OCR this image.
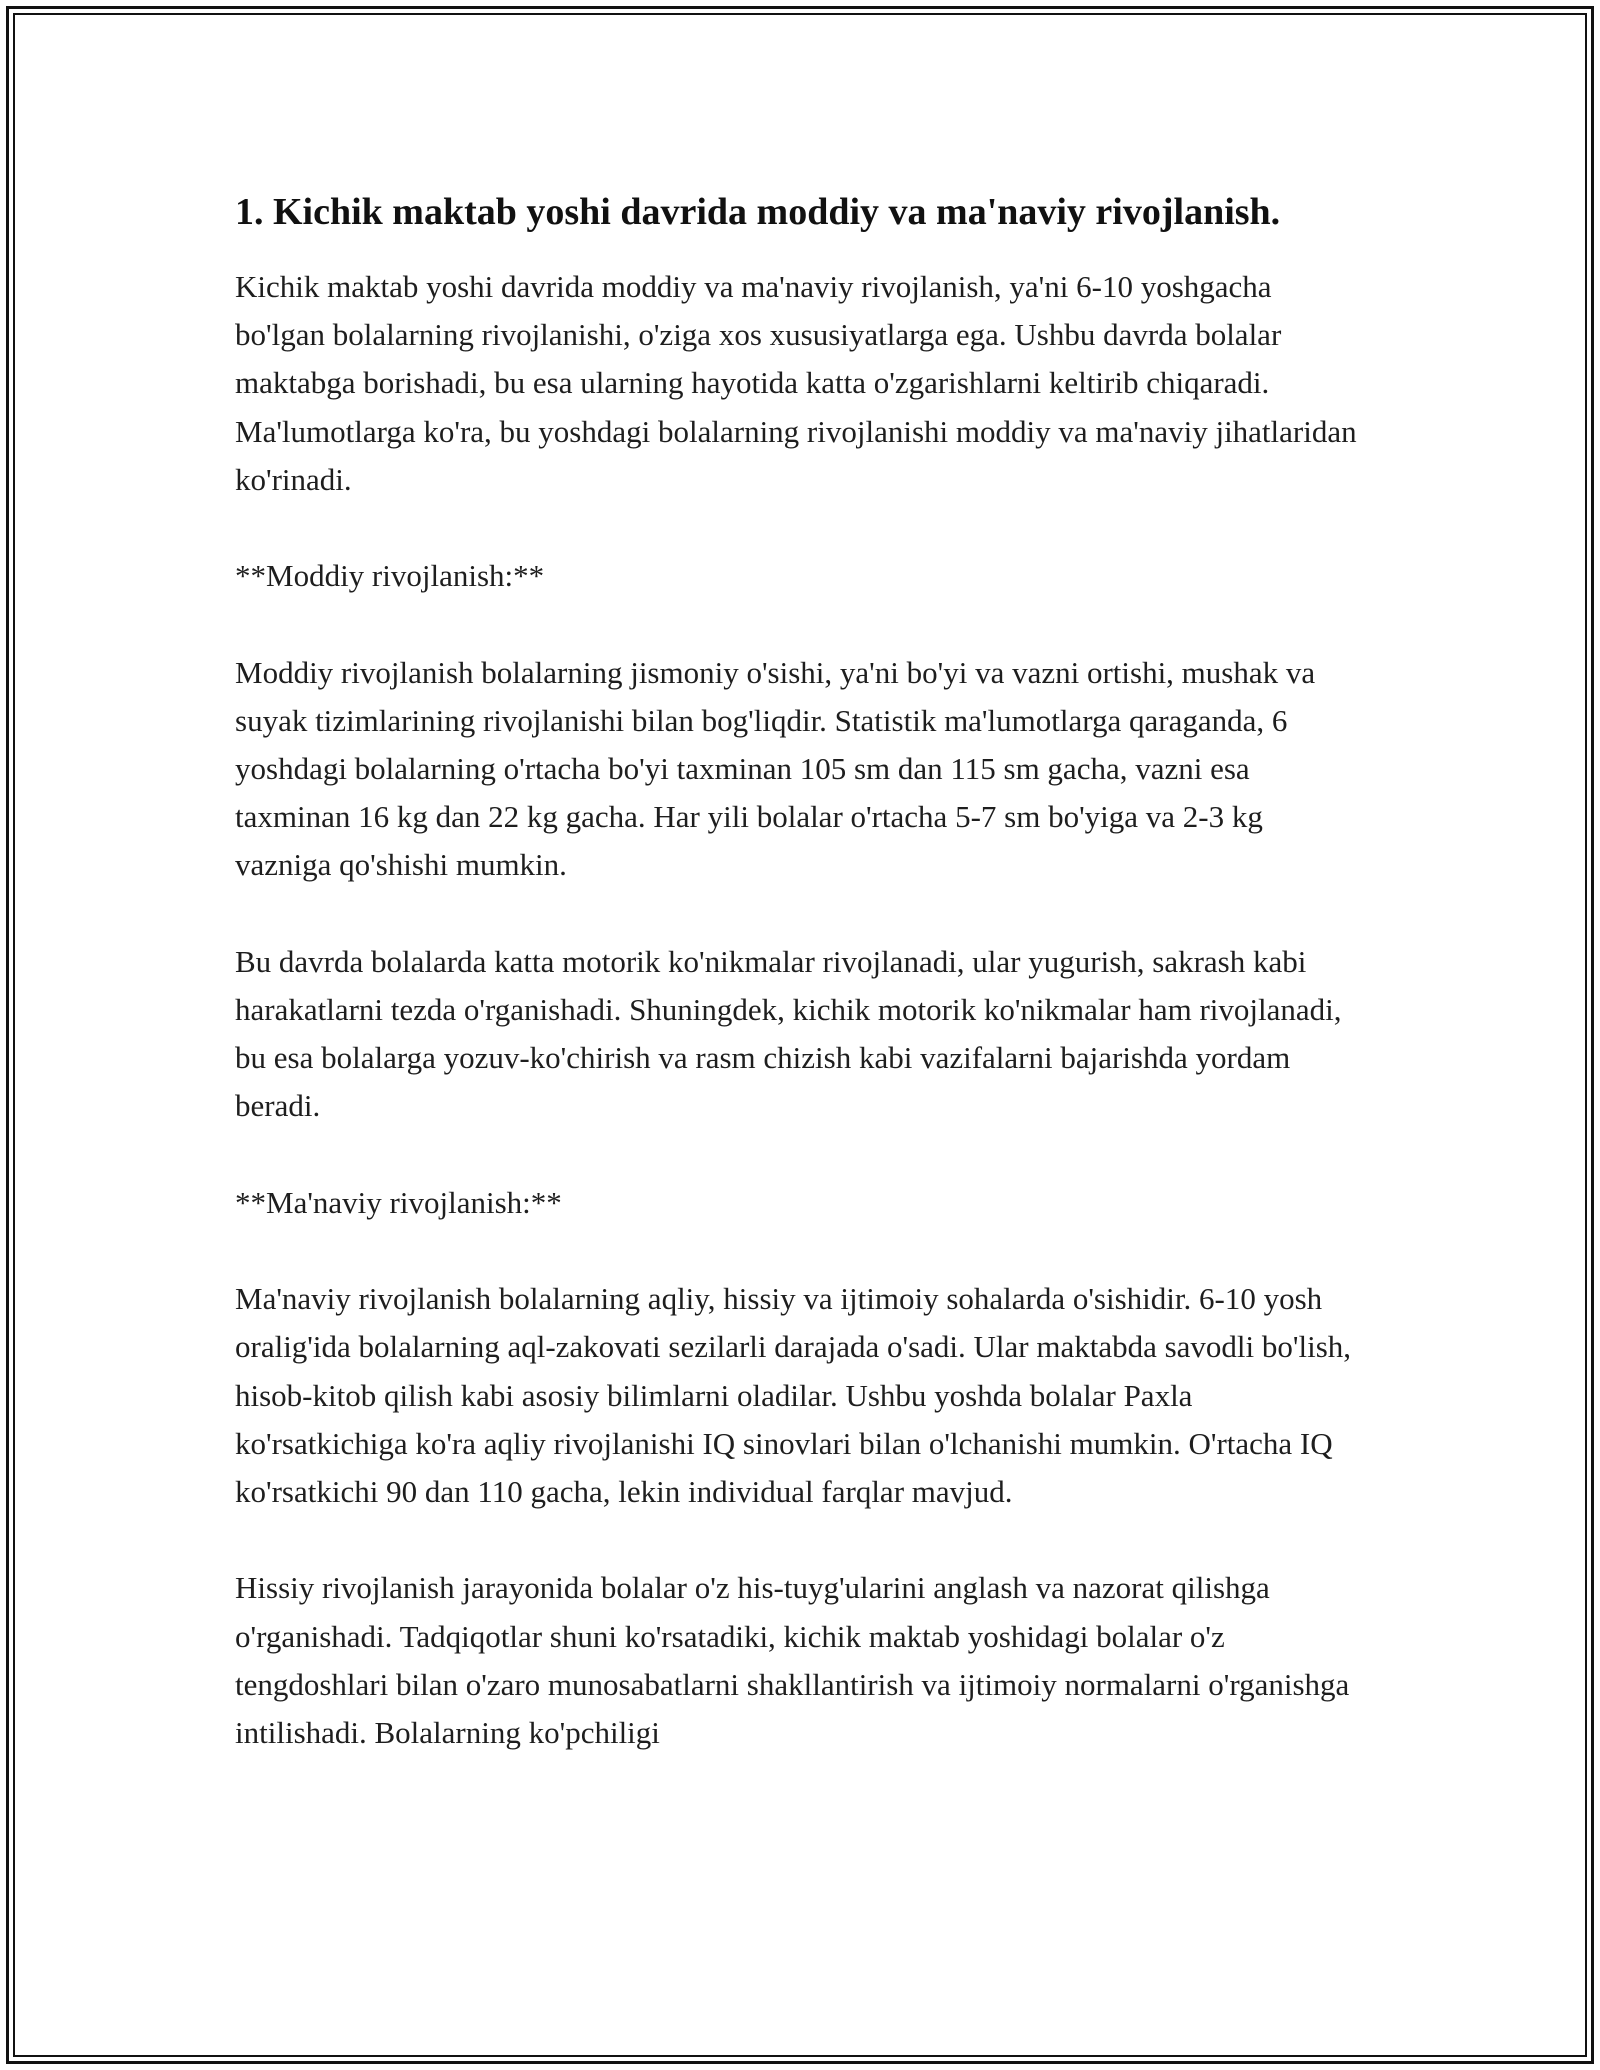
1. Kichik maktab yoshi davrida moddiy va ma'naviy rivojlanish.

Kichik maktab yoshi davrida moddiy va ma'naviy rivojlanish, ya'ni 6-10 yoshgacha bo'lgan bolalarning rivojlanishi, o'ziga xos xususiyatlarga ega. Ushbu davrda bolalar maktabga borishadi, bu esa ularning hayotida katta o'zgarishlarni keltirib chiqaradi. Ma'lumotlarga ko'ra, bu yoshdagi bolalarning rivojlanishi moddiy va ma'naviy jihatlaridan ko'rinadi.

**Moddiy rivojlanish:**

Moddiy rivojlanish bolalarning jismoniy o'sishi, ya'ni bo'yi va vazni ortishi, mushak va suyak tizimlarining rivojlanishi bilan bog'liqdir. Statistik ma'lumotlarga qaraganda, 6 yoshdagi bolalarning o'rtacha bo'yi taxminan 105 sm dan 115 sm gacha, vazni esa taxminan 16 kg dan 22 kg gacha. Har yili bolalar o'rtacha 5-7 sm bo'yiga va 2-3 kg vazniga qo'shishi mumkin.

Bu davrda bolalarda katta motorik ko'nikmalar rivojlanadi, ular yugurish, sakrash kabi harakatlarni tezda o'rganishadi. Shuningdek, kichik motorik ko'nikmalar ham rivojlanadi, bu esa bolalarga yozuv-ko'chirish va rasm chizish kabi vazifalarni bajarishda yordam beradi.

**Ma'naviy rivojlanish:**

Ma'naviy rivojlanish bolalarning aqliy, hissiy va ijtimoiy sohalarda o'sishidir. 6-10 yosh oralig'ida bolalarning aql-zakovati sezilarli darajada o'sadi. Ular maktabda savodli bo'lish, hisob-kitob qilish kabi asosiy bilimlarni oladilar. Ushbu yoshda bolalar Paxla ko'rsatkichiga ko'ra aqliy rivojlanishi IQ sinovlari bilan o'lchanishi mumkin. O'rtacha IQ ko'rsatkichi 90 dan 110 gacha, lekin individual farqlar mavjud.

Hissiy rivojlanish jarayonida bolalar o'z his-tuyg'ularini anglash va nazorat qilishga o'rganishadi. Tadqiqotlar shuni ko'rsatadiki, kichik maktab yoshidagi bolalar o'z tengdoshlari bilan o'zaro munosabatlarni shakllantirish va ijtimoiy normalarni o'rganishga intilishadi. Bolalarning ko'pchiligi
